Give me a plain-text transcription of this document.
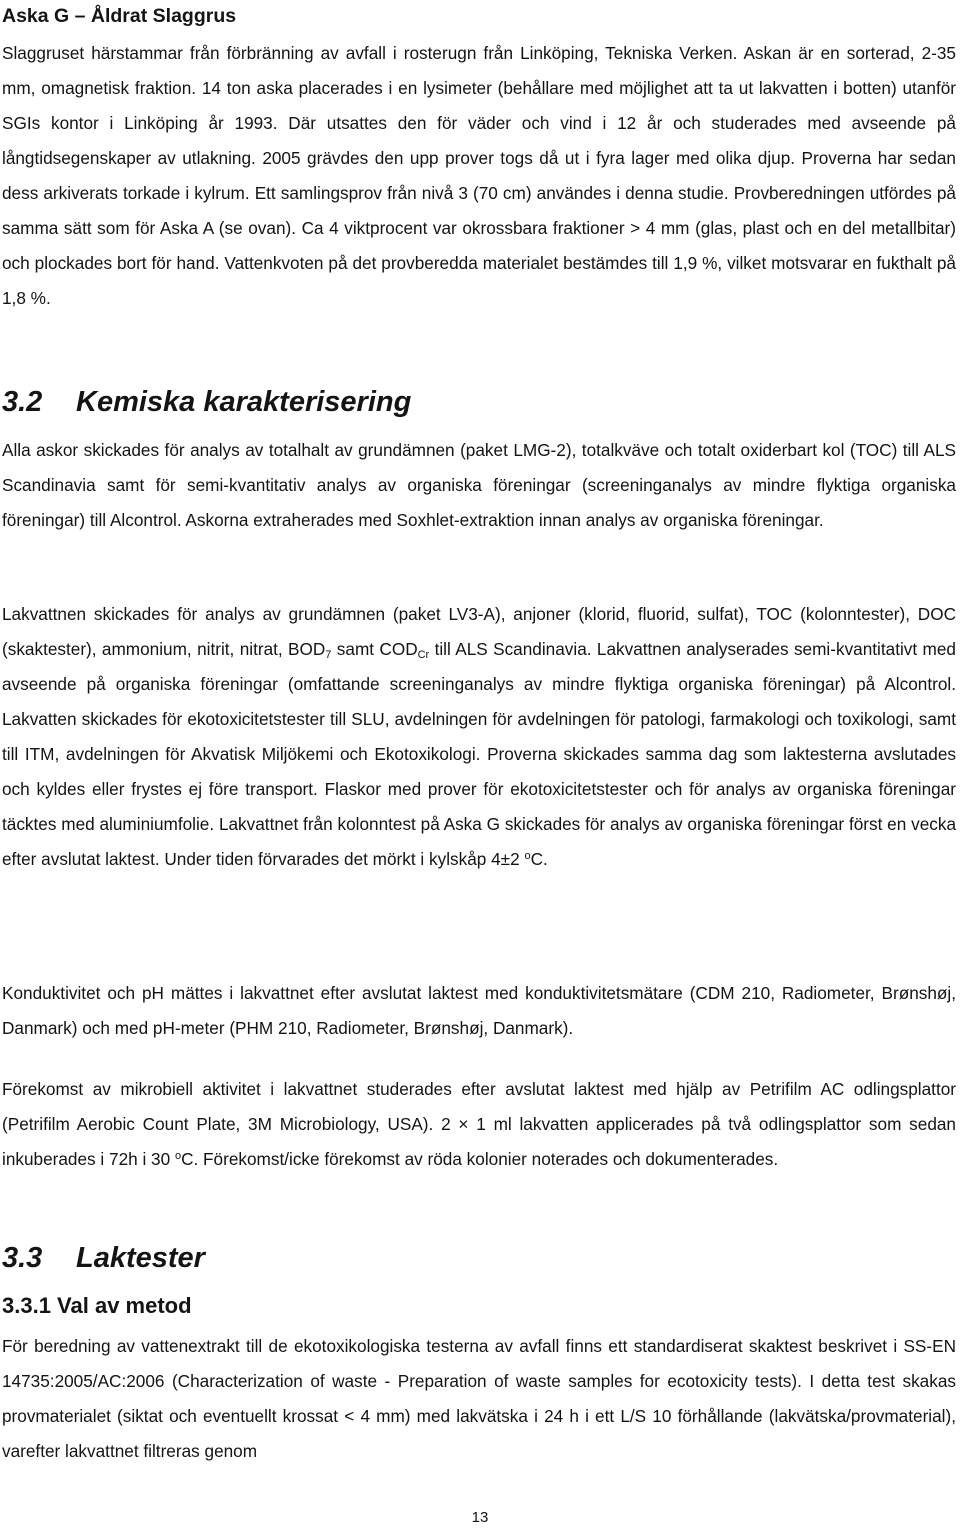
Aska G – Åldrat Slaggrus

Slaggruset härstammar från förbränning av avfall i rosterugn från Linköping, Tekniska Verken. Askan är en sorterad, 2-35 mm, omagnetisk fraktion. 14 ton aska placerades i en lysimeter (behållare med möjlighet att ta ut lakvatten i botten) utanför SGIs kontor i Linköping år 1993. Där utsattes den för väder och vind i 12 år och studerades med avseende på långtidsegenskaper av utlakning. 2005 grävdes den upp prover togs då ut i fyra lager med olika djup. Proverna har sedan dess arkiverats torkade i kylrum. Ett samlingsprov från nivå 3 (70 cm) användes i denna studie. Provberedningen utfördes på samma sätt som för Aska A (se ovan). Ca 4 viktprocent var okrossbara fraktioner > 4 mm (glas, plast och en del metallbitar) och plockades bort för hand. Vattenkvoten på det provberedda materialet bestämdes till 1,9 %, vilket motsvarar en fukthalt på 1,8 %.

3.2 Kemiska karakterisering

Alla askor skickades för analys av totalhalt av grundämnen (paket LMG-2), totalkväve och totalt oxiderbart kol (TOC) till ALS Scandinavia samt för semi-kvantitativ analys av organiska föreningar (screeninganalys av mindre flyktiga organiska föreningar) till Alcontrol. Askorna extraherades med Soxhlet-extraktion innan analys av organiska föreningar.

Lakvattnen skickades för analys av grundämnen (paket LV3-A), anjoner (klorid, fluorid, sulfat), TOC (kolonntester), DOC (skaktester), ammonium, nitrit, nitrat, $BOD_7$ samt $COD_{Cr}$ till ALS Scandinavia. Lakvattnen analyserades semi-kvantitativt med avseende på organiska föreningar (omfattande screeninganalys av mindre flyktiga organiska föreningar) på Alcontrol. Lakvatten skickades för ekotoxicitetstester till SLU, avdelningen för avdelningen för patologi, farmakologi och toxikologi, samt till ITM, avdelningen för Akvatisk Miljökemi och Ekotoxikologi. Proverna skickades samma dag som laktesterna avslutades och kyldes eller frystes ej före transport. Flaskor med prover för ekotoxicitetstester och för analys av organiska föreningar täcktes med aluminiumfolie. Lakvattnet från kolonntest på Aska G skickades för analys av organiska föreningar först en vecka efter avslutat laktest. Under tiden förvarades det mörkt i kylskåp 4±2 $^o$C.

Konduktivitet och pH mättes i lakvattnet efter avslutat laktest med konduktivitetsmätare (CDM 210, Radiometer, Brønshøj, Danmark) och med pH-meter (PHM 210, Radiometer, Brønshøj, Danmark).

Förekomst av mikrobiell aktivitet i lakvattnet studerades efter avslutat laktest med hjälp av Petrifilm AC odlingsplattor (Petrifilm Aerobic Count Plate, 3M Microbiology, USA). 2 × 1 ml lakvatten applicerades på två odlingsplattor som sedan inkuberades i 72h i 30 $^o$C. Förekomst/icke förekomst av röda kolonier noterades och dokumenterades.

3.3 Laktester
3.3.1 Val av metod

För beredning av vattenextrakt till de ekotoxikologiska testerna av avfall finns ett standardiserat skaktest beskrivet i SS-EN 14735:2005/AC:2006 (Characterization of waste - Preparation of waste samples for ecotoxicity tests). I detta test skakas provmaterialet (siktat och eventuellt krossat < 4 mm) med lakvätska i 24 h i ett L/S 10 förhållande (lakvätska/provmaterial), varefter lakvattnet filtreras genom

13
